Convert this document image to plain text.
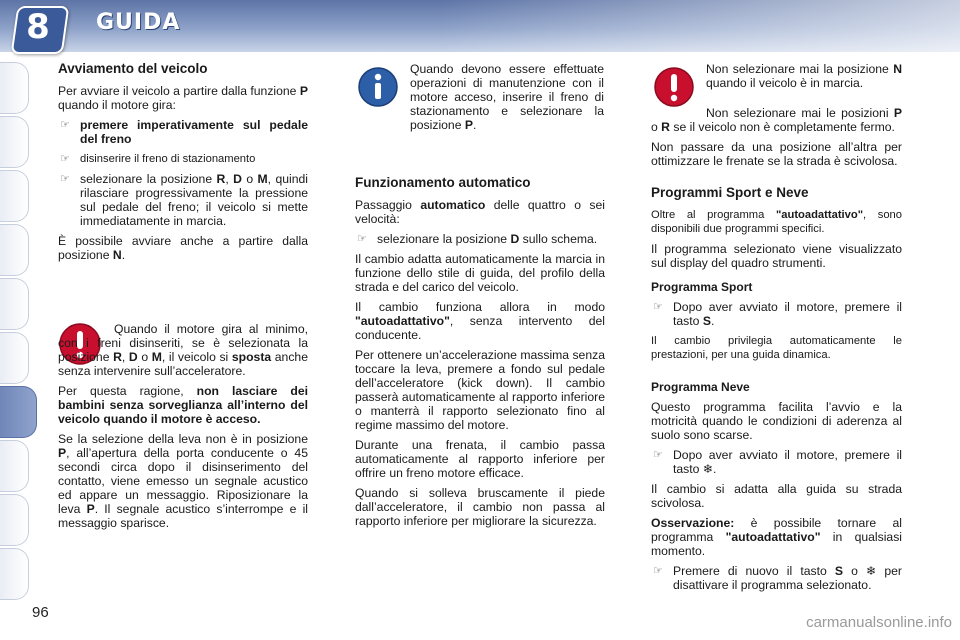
8	GUIDA
Avviamento del veicolo

Per avviare il veicolo a partire dalla funzione P quando il motore gira:

☞ premere imperativamente sul pedale del freno
☞ disinserire il freno di stazionamento
☞ selezionare la posizione R, D o M, quindi rilasciare progressivamente la pressione sul pedale del freno; il veicolo si mette immediatamente in marcia.

È possibile avviare anche a partire dalla posizione N.

Quando il motore gira al minimo, con i freni disinseriti, se è selezionata la posizione R, D o M, il veicolo si sposta anche senza intervenire sull’acceleratore.

Per questa ragione, non lasciare dei bambini senza sorveglianza all’interno del veicolo quando il motore è acceso.

Se la selezione della leva non è in posizione P, all’apertura della porta conducente o 45 secondi circa dopo il disinserimento del contatto, viene emesso un segnale acustico ed appare un messaggio. Riposizionare la leva P. Il segnale acustico s’interrompe e il messaggio sparisce.

Quando devono essere effettuate operazioni di manutenzione con il motore acceso, inserire il freno di stazionamento e selezionare la posizione P.

Funzionamento automatico

Passaggio automatico delle quattro o sei velocità:

☞ selezionare la posizione D sullo schema.

Il cambio adatta automaticamente la marcia in funzione dello stile di guida, del profilo della strada e del carico del veicolo.

Il cambio funziona allora in modo "autoadattativo", senza intervento del conducente.

Per ottenere un’accelerazione massima senza toccare la leva, premere a fondo sul pedale dell’acceleratore (kick down). Il cambio passerà automaticamente al rapporto inferiore o manterrà il rapporto selezionato fino al regime massimo del motore.

Durante una frenata, il cambio passa automaticamente al rapporto inferiore per offrire un freno motore efficace.

Quando si solleva bruscamente il piede dall’acceleratore, il cambio non passa al rapporto inferiore per migliorare la sicurezza.

Non selezionare mai la posizione N quando il veicolo è in marcia.

Non selezionare mai le posizioni P o R se il veicolo non è completamente fermo.

Non passare da una posizione all’altra per ottimizzare le frenate se la strada è scivolosa.

Programmi Sport e Neve

Oltre al programma "autoadattativo", sono disponibili due programmi specifici.

Il programma selezionato viene visualizzato sul display del quadro strumenti.

Programma Sport
☞ Dopo aver avviato il motore, premere il tasto S.

Il cambio privilegia automaticamente le prestazioni, per una guida dinamica.

Programma Neve

Questo programma facilita l’avvio e la motricità quando le condizioni di aderenza al suolo sono scarse.

☞ Dopo aver avviato il motore, premere il tasto ❄.

Il cambio si adatta alla guida su strada scivolosa.

Osservazione: è possibile tornare al programma "autoadattativo" in qualsiasi momento.

☞ Premere di nuovo il tasto S o ❄ per disattivare il programma selezionato.
96
carmanualsonline.info
